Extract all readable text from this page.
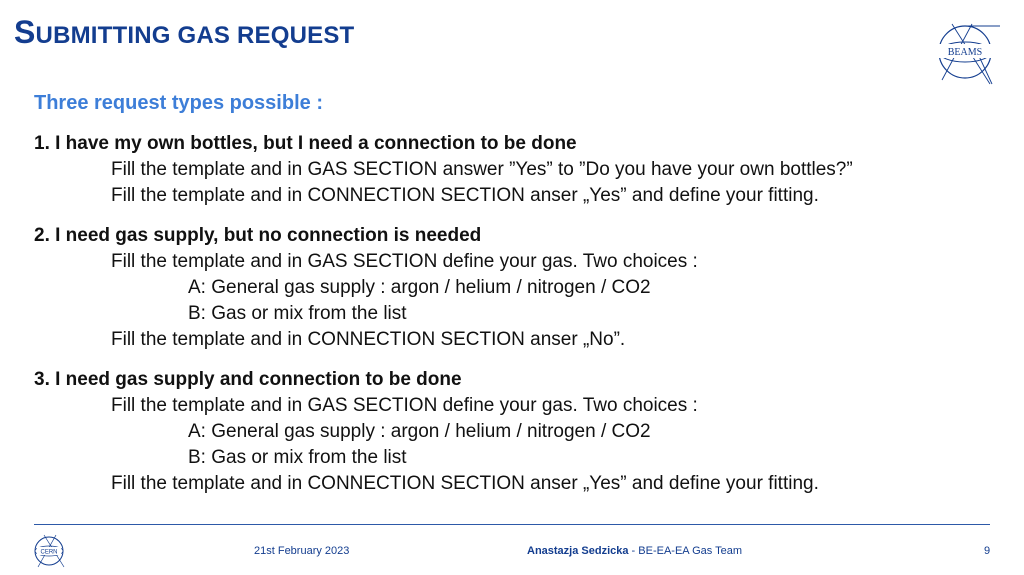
SUBMITTING GAS REQUEST
BEAMS

Three request types possible :

1. I have my own bottles, but I need a connection to be done
Fill the template and in GAS SECTION answer ”Yes” to ”Do you have your own bottles?”
Fill the template and in CONNECTION SECTION anser „Yes” and define your fitting.
2. I need gas supply, but no connection is needed
Fill the template and in GAS SECTION define your gas. Two choices :
A: General gas supply : argon / helium / nitrogen / CO2
B: Gas or mix from the list
Fill the template and in CONNECTION SECTION anser „No”.
3. I need gas supply and connection to be done
Fill the template and in GAS SECTION define your gas. Two choices :
A: General gas supply : argon / helium / nitrogen / CO2
B: Gas or mix from the list
Fill the template and in CONNECTION SECTION anser „Yes” and define your fitting.
CERN	21st February 2023	Anastazja Sedzicka - BE-EA-EA Gas Team	9
